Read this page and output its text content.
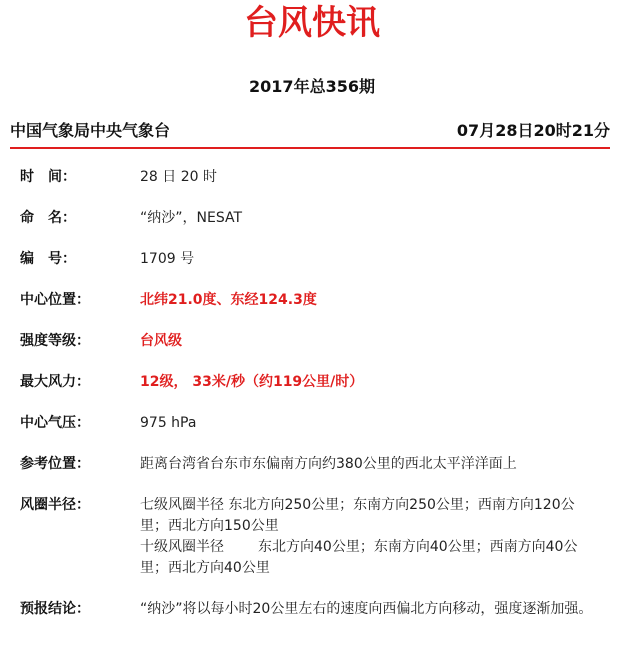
台风快讯
2017年总356期
中国气象局中央气象台	07月28日20时21分
时　间：	28 日 20 时
命　名：	“纳沙”，NESAT
编　号：	1709 号
中心位置：	北纬21.0度、东经124.3度
强度等级：	台风级
最大风力：	12级， 33米/秒（约119公里/时）
中心气压：	975 hPa
参考位置：	距离台湾省台东市东偏南方向约380公里的西北太平洋洋面上
风圈半径：	七级风圈半径 东北方向250公里；东南方向250公里；西南方向120公里；西北方向150公里
十级风圈半径 东北方向40公里；东南方向40公里；西南方向40公里；西北方向40公里
预报结论：	“纳沙”将以每小时20公里左右的速度向西偏北方向移动，强度逐渐加强。
